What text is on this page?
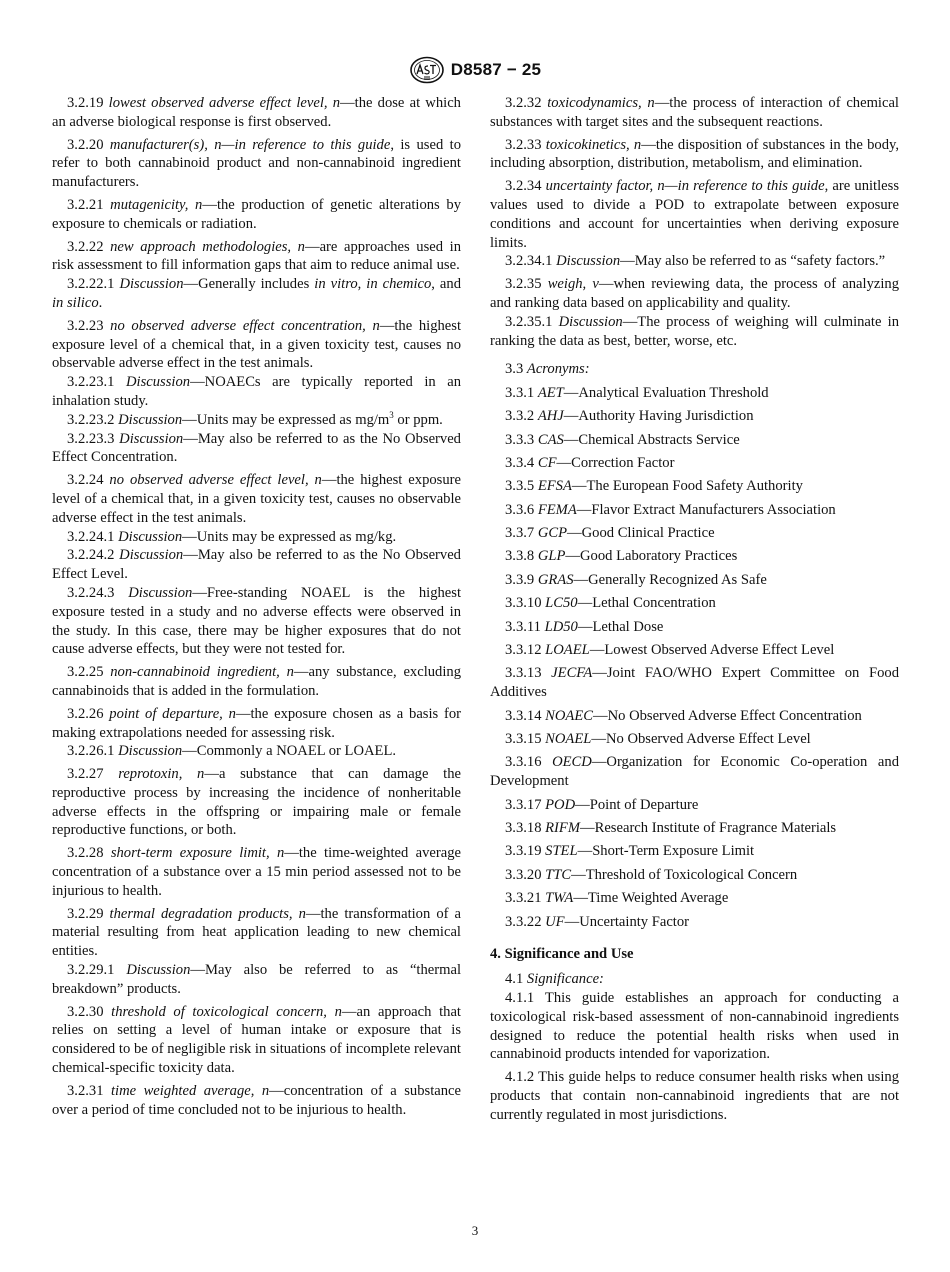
D8587 − 25

3.2.19 lowest observed adverse effect level, n—the dose at which an adverse biological response is first observed.

3.2.20 manufacturer(s), n—in reference to this guide, is used to refer to both cannabinoid product and non-cannabinoid ingredient manufacturers.

3.2.21 mutagenicity, n—the production of genetic alterations by exposure to chemicals or radiation.

3.2.22 new approach methodologies, n—are approaches used in risk assessment to fill information gaps that aim to reduce animal use.

3.2.22.1 Discussion—Generally includes in vitro, in chemico, and in silico.

3.2.23 no observed adverse effect concentration, n—the highest exposure level of a chemical that, in a given toxicity test, causes no observable adverse effect in the test animals.

3.2.23.1 Discussion—NOAECs are typically reported in an inhalation study.

3.2.23.2 Discussion—Units may be expressed as $mg/m^3$ or ppm.

3.2.23.3 Discussion—May also be referred to as the No Observed Effect Concentration.

3.2.24 no observed adverse effect level, n—the highest exposure level of a chemical that, in a given toxicity test, causes no observable adverse effect in the test animals.

3.2.24.1 Discussion—Units may be expressed as mg/kg.

3.2.24.2 Discussion—May also be referred to as the No Observed Effect Level.

3.2.24.3 Discussion—Free-standing NOAEL is the highest exposure tested in a study and no adverse effects were observed in the study. In this case, there may be higher exposures that do not cause adverse effects, but they were not tested for.

3.2.25 non-cannabinoid ingredient, n—any substance, excluding cannabinoids that is added in the formulation.

3.2.26 point of departure, n—the exposure chosen as a basis for making extrapolations needed for assessing risk.

3.2.26.1 Discussion—Commonly a NOAEL or LOAEL.

3.2.27 reprotoxin, n—a substance that can damage the reproductive process by increasing the incidence of nonheritable adverse effects in the offspring or impairing male or female reproductive functions, or both.

3.2.28 short-term exposure limit, n—the time-weighted average concentration of a substance over a 15 min period assessed not to be injurious to health.

3.2.29 thermal degradation products, n—the transformation of a material resulting from heat application leading to new chemical entities.

3.2.29.1 Discussion—May also be referred to as “thermal breakdown” products.

3.2.30 threshold of toxicological concern, n—an approach that relies on setting a level of human intake or exposure that is considered to be of negligible risk in situations of incomplete relevant chemical-specific toxicity data.

3.2.31 time weighted average, n—concentration of a substance over a period of time concluded not to be injurious to health.

3.2.32 toxicodynamics, n—the process of interaction of chemical substances with target sites and the subsequent reactions.

3.2.33 toxicokinetics, n—the disposition of substances in the body, including absorption, distribution, metabolism, and elimination.

3.2.34 uncertainty factor, n—in reference to this guide, are unitless values used to divide a POD to extrapolate between exposure conditions and account for uncertainties when deriving exposure limits.

3.2.34.1 Discussion—May also be referred to as “safety factors.”

3.2.35 weigh, v—when reviewing data, the process of analyzing and ranking data based on applicability and quality.

3.2.35.1 Discussion—The process of weighing will culminate in ranking the data as best, better, worse, etc.

3.3 Acronyms:

3.3.1 AET—Analytical Evaluation Threshold

3.3.2 AHJ—Authority Having Jurisdiction

3.3.3 CAS—Chemical Abstracts Service

3.3.4 CF—Correction Factor

3.3.5 EFSA—The European Food Safety Authority

3.3.6 FEMA—Flavor Extract Manufacturers Association

3.3.7 GCP—Good Clinical Practice

3.3.8 GLP—Good Laboratory Practices

3.3.9 GRAS—Generally Recognized As Safe

3.3.10 LC50—Lethal Concentration

3.3.11 LD50—Lethal Dose

3.3.12 LOAEL—Lowest Observed Adverse Effect Level

3.3.13 JECFA—Joint FAO/WHO Expert Committee on Food Additives

3.3.14 NOAEC—No Observed Adverse Effect Concentration

3.3.15 NOAEL—No Observed Adverse Effect Level

3.3.16 OECD—Organization for Economic Co-operation and Development

3.3.17 POD—Point of Departure

3.3.18 RIFM—Research Institute of Fragrance Materials

3.3.19 STEL—Short-Term Exposure Limit

3.3.20 TTC—Threshold of Toxicological Concern

3.3.21 TWA—Time Weighted Average

3.3.22 UF—Uncertainty Factor

4. Significance and Use

4.1 Significance:

4.1.1 This guide establishes an approach for conducting a toxicological risk-based assessment of non-cannabinoid ingredients designed to reduce the potential health risks when used in cannabinoid products intended for vaporization.

4.1.2 This guide helps to reduce consumer health risks when using products that contain non-cannabinoid ingredients that are not currently regulated in most jurisdictions.

3
